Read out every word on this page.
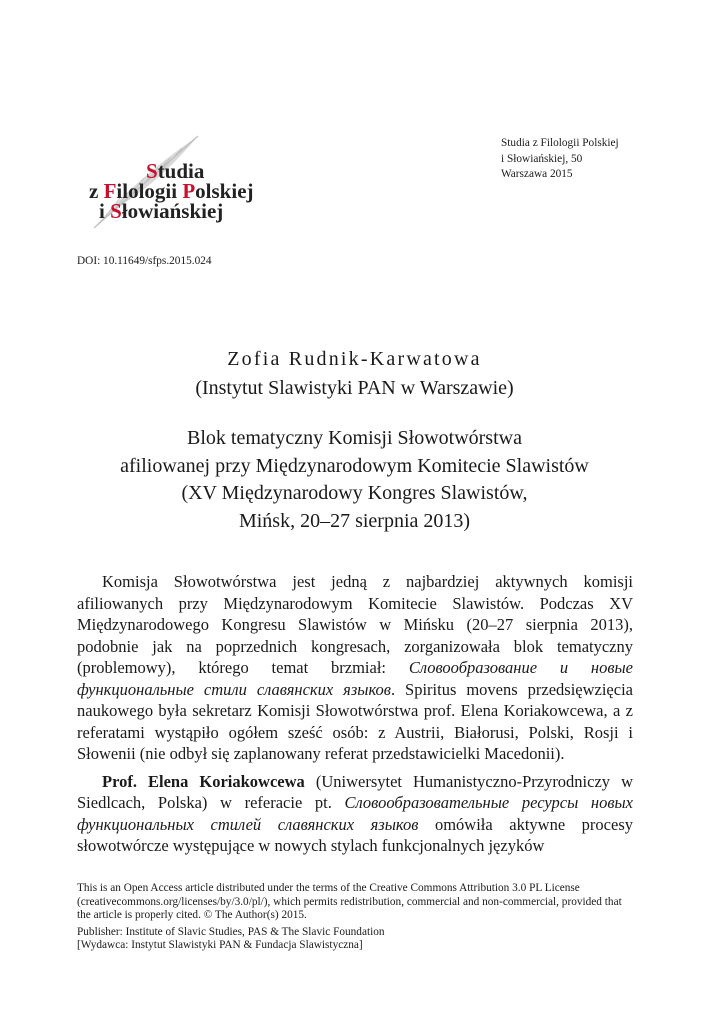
Studia
z Filologii Polskiej
i Słowiańskiej
Studia z Filologii Polskiej
i Słowiańskiej, 50
Warszawa 2015
DOI: 10.11649/sfps.2015.024
Zofia Rudnik-Karwatowa
(Instytut Slawistyki PAN w Warszawie)
Blok tematyczny Komisji Słowotwórstwa
afiliowanej przy Międzynarodowym Komitecie Slawistów
(XV Międzynarodowy Kongres Slawistów,
Mińsk, 20–27 sierpnia 2013)

Komisja Słowotwórstwa jest jedną z najbardziej aktywnych komisji afiliowanych przy Międzynarodowym Komitecie Slawistów. Podczas XV Międzynarodowego Kongresu Slawistów w Mińsku (20–27 sierpnia 2013), podobnie jak na poprzednich kongresach, zorganizowała blok tematyczny (problemowy), którego temat brzmiał: Словообразование и новые функциональные стили славянских языков. Spiritus movens przedsięwzięcia naukowego była sekretarz Komisji Słowotwórstwa prof. Elena Koriakowcewa, a z referatami wystąpiło ogółem sześć osób: z Austrii, Białorusi, Polski, Rosji i Słowenii (nie odbył się zaplanowany referat przedstawicielki Macedonii).

Prof. Elena Koriakowcewa (Uniwersytet Humanistyczno-Przyrodniczy w Siedlcach, Polska) w referacie pt. Словообразовательные ресурсы новых функциональных стилей славянских языков omówiła aktywne procesy słowotwórcze występujące w nowych stylach funkcjonalnych języków

This is an Open Access article distributed under the terms of the Creative Commons Attribution 3.0 PL License (creativecommons.org/licenses/by/3.0/pl/), which permits redistribution, commercial and non-commercial, provided that the article is properly cited. © The Author(s) 2015.

Publisher: Institute of Slavic Studies, PAS & The Slavic Foundation
[Wydawca: Instytut Slawistyki PAN & Fundacja Slawistyczna]
